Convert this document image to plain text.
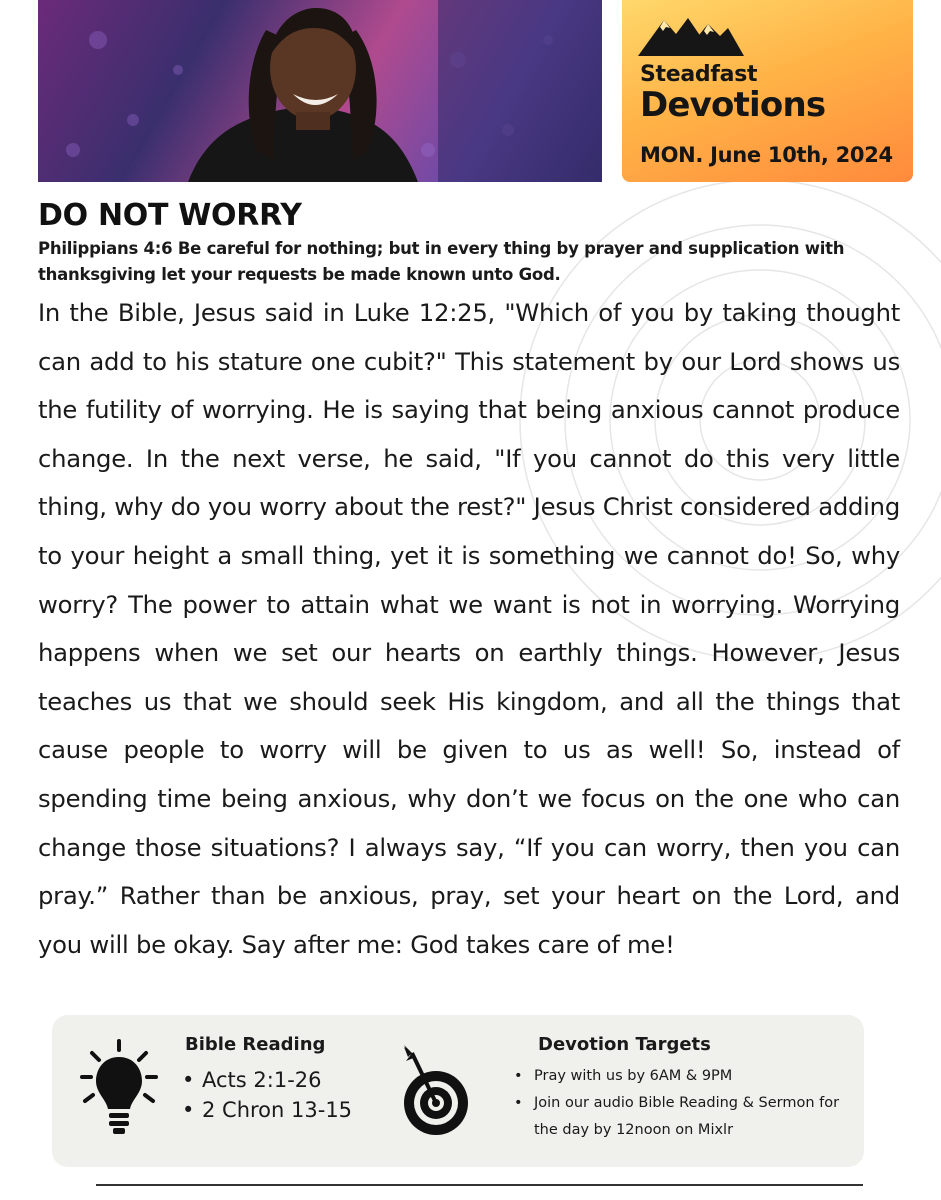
Steadfast
Devotions
MON. June 10th, 2024
DO NOT WORRY
Philippians 4:6 Be careful for nothing; but in every thing by prayer and supplication with thanksgiving let your requests be made known unto God.
In the Bible, Jesus said in Luke 12:25, "Which of you by taking thought can add to his stature one cubit?" This statement by our Lord shows us the futility of worrying. He is saying that being anxious cannot produce change. In the next verse, he said, "If you cannot do this very little thing, why do you worry about the rest?" Jesus Christ considered adding to your height a small thing, yet it is something we cannot do! So, why worry? The power to attain what we want is not in worrying. Worrying happens when we set our hearts on earthly things. However, Jesus teaches us that we should seek His kingdom, and all the things that cause people to worry will be given to us as well! So, instead of spending time being anxious, why don’t we focus on the one who can change those situations? I always say, “If you can worry, then you can pray.” Rather than be anxious, pray, set your heart on the Lord, and you will be okay. Say after me: God takes care of me!
Bible Reading
• Acts 2:1-26
• 2 Chron 13-15
Devotion Targets
• Pray with us by 6AM & 9PM
• Join our audio Bible Reading & Sermon for the day by 12noon on Mixlr
